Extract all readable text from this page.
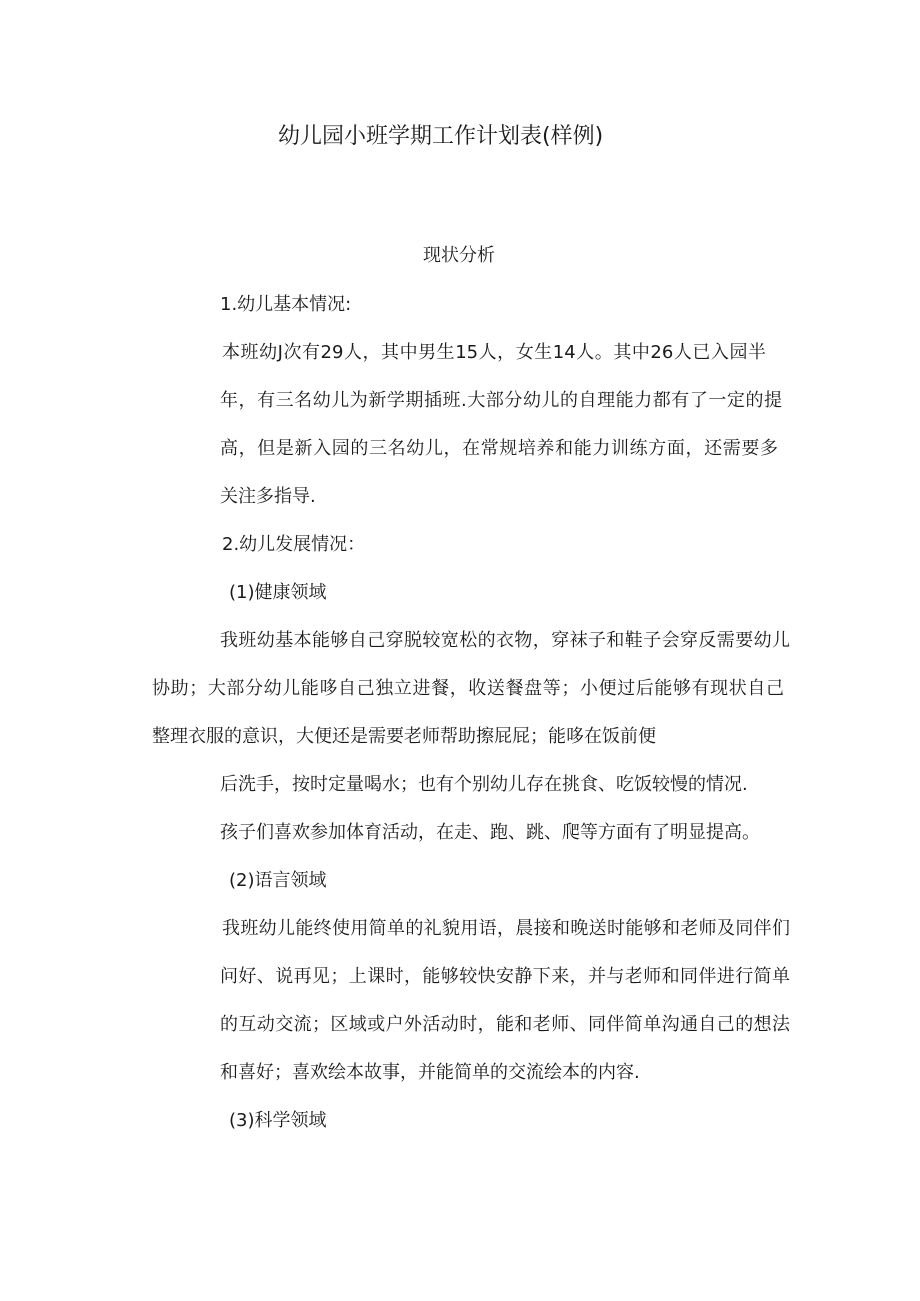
幼儿园小班学期工作计划表(样例)
现状分析
1.幼儿基本情况:
本班幼J次有29人，其中男生15人，女生14人。其中26人已入园半
年，有三名幼儿为新学期插班.大部分幼儿的自理能力都有了一定的提
高，但是新入园的三名幼儿，在常规培养和能力训练方面，还需要多
关注多指导.
2.幼儿发展情况：
(1)健康领域
我班幼基本能够自己穿脱较宽松的衣物，穿袜子和鞋子会穿反需要幼儿
协助；大部分幼儿能哆自己独立进餐，收送餐盘等；小便过后能够有现状自己
整理衣服的意识，大便还是需要老师帮助擦屁屁；能哆在饭前便
后洗手，按时定量喝水；也有个别幼儿存在挑食、吃饭较慢的情况.
孩子们喜欢参加体育活动，在走、跑、跳、爬等方面有了明显提高。
(2)语言领域
我班幼儿能终使用简单的礼貌用语，晨接和晚送时能够和老师及同伴们
问好、说再见；上课时，能够较快安静下来，并与老师和同伴进行简单
的互动交流；区域或户外活动时，能和老师、同伴简单沟通自己的想法
和喜好；喜欢绘本故事，并能简单的交流绘本的内容.
(3)科学领域
